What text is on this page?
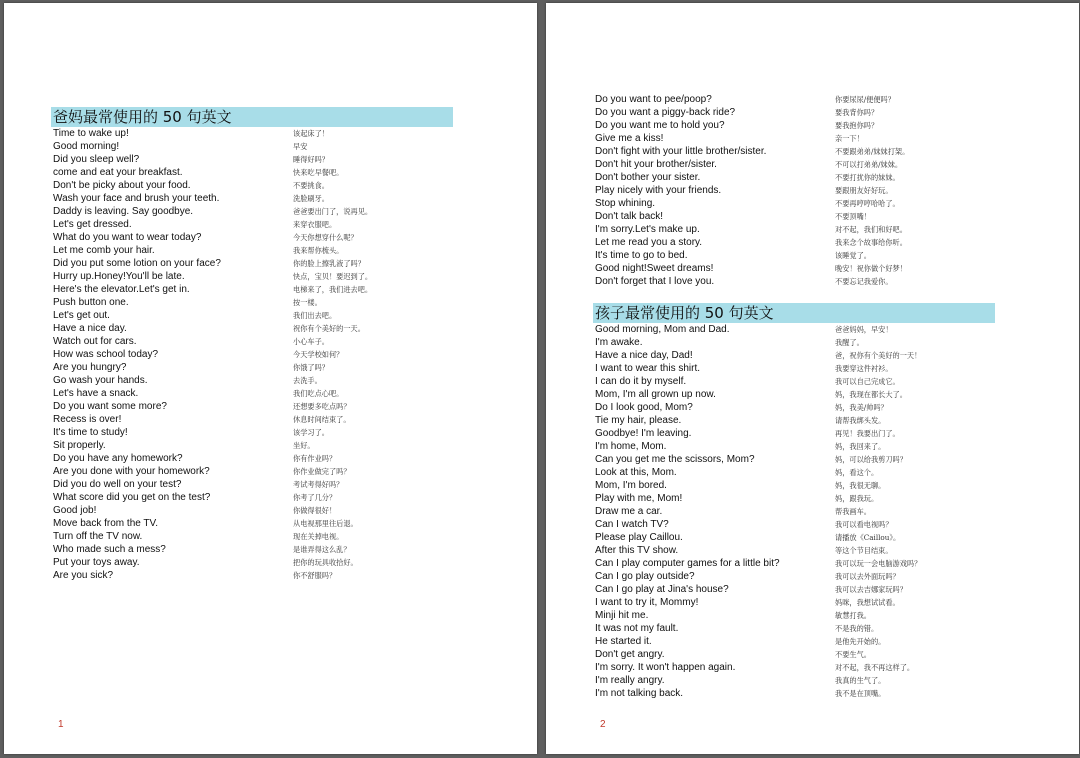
爸妈最常使用的 50 句英文
Time to wake up!	该起床了！
Good morning!	早安
Did you sleep well?	睡得好吗？
come and eat your breakfast.	快来吃早餐吧。
Don't be picky about your food.	不要挑食。
Wash your face and brush your teeth.	洗脸刷牙。
Daddy is leaving. Say goodbye.	爸爸要出门了，说再见。
Let's get dressed.	来穿衣服吧。
What do you want to wear today?	今天你想穿什么呢？
Let me comb your hair.	我来帮你梳头。
Did you put some lotion on your face?	你的脸上擦乳液了吗？
Hurry up.Honey!You'll be late.	快点，宝贝！要迟到了。
Here's the elevator.Let's get in.	电梯来了，我们进去吧。
Push button one.	按一楼。
Let's get out.	我们出去吧。
Have a nice day.	祝你有个美好的一天。
Watch out for cars.	小心车子。
How was school today?	今天学校如何？
Are you hungry?	你饿了吗？
Go wash your hands.	去洗手。
Let's have a snack.	我们吃点心吧。
Do you want some more?	还想要多吃点吗？
Recess is over!	休息时间结束了。
It's time to study!	该学习了。
Sit properly.	坐好。
Do you have any homework?	你有作业吗？
Are you done with your homework?	你作业做完了吗？
Did you do well on your test?	考试考得好吗？
What score did you get on the test?	你考了几分？
Good job!	你做得很好！
Move back from the TV.	从电视那里往后退。
Turn off the TV now.	现在关掉电视。
Who made such a mess?	是谁弄得这么乱？
Put your toys away.	把你的玩具收拾好。
Are you sick?	你不舒服吗？
1
Do you want to pee/poop?	你要尿尿/便便吗？
Do you want a piggy-back ride?	要我背你吗？
Do you want me to hold you?	要我抱你吗？
Give me a kiss!	亲一下！
Don't fight with your little brother/sister.	不要跟弟弟/妹妹打架。
Don't hit your brother/sister.	不可以打弟弟/妹妹。
Don't bother your sister.	不要打扰你的妹妹。
Play nicely with your friends.	要跟朋友好好玩。
Stop whining.	不要再哼哼哈哈了。
Don't talk back!	不要顶嘴！
I'm sorry.Let's make up.	对不起，我们和好吧。
Let me read you a story.	我来念个故事给你听。
It's time to go to bed.	该睡觉了。
Good night!Sweet dreams!	晚安！祝你做个好梦！
Don't forget that I love you.	不要忘记我爱你。
孩子最常使用的 50 句英文
Good morning, Mom and Dad.	爸爸妈妈，早安！
I'm awake.	我醒了。
Have a nice day, Dad!	爸，祝你有个美好的一天！
I want to wear this shirt.	我要穿这件衬衫。
I can do it by myself.	我可以自己完成它。
Mom, I'm all grown up now.	妈，我现在都长大了。
Do I look good, Mom?	妈，我美/帅吗？
Tie my hair, please.	请帮我绑头发。
Goodbye! I'm leaving.	再见！我要出门了。
I'm home, Mom.	妈，我回来了。
Can you get me the scissors, Mom?	妈，可以给我剪刀吗？
Look at this, Mom.	妈，看这个。
Mom, I'm bored.	妈，我很无聊。
Play with me, Mom!	妈，跟我玩。
Draw me a car.	帮我画车。
Can I watch TV?	我可以看电视吗？
Please play Caillou.	请播放《Caillou》。
After this TV show.	等这个节目结束。
Can I play computer games for a little bit?	我可以玩一会电脑游戏吗？
Can I go play outside?	我可以去外面玩吗？
Can I go play at Jina's house?	我可以去吉娜家玩吗？
I want to try it, Mommy!	妈咪，我想试试看。
Minji hit me.	敏慧打我。
It was not my fault.	不是我的错。
He started it.	是他先开始的。
Don't get angry.	不要生气。
I'm sorry. It won't happen again.	对不起，我不再这样了。
I'm really angry.	我真的生气了。
I'm not talking back.	我不是在顶嘴。
2
